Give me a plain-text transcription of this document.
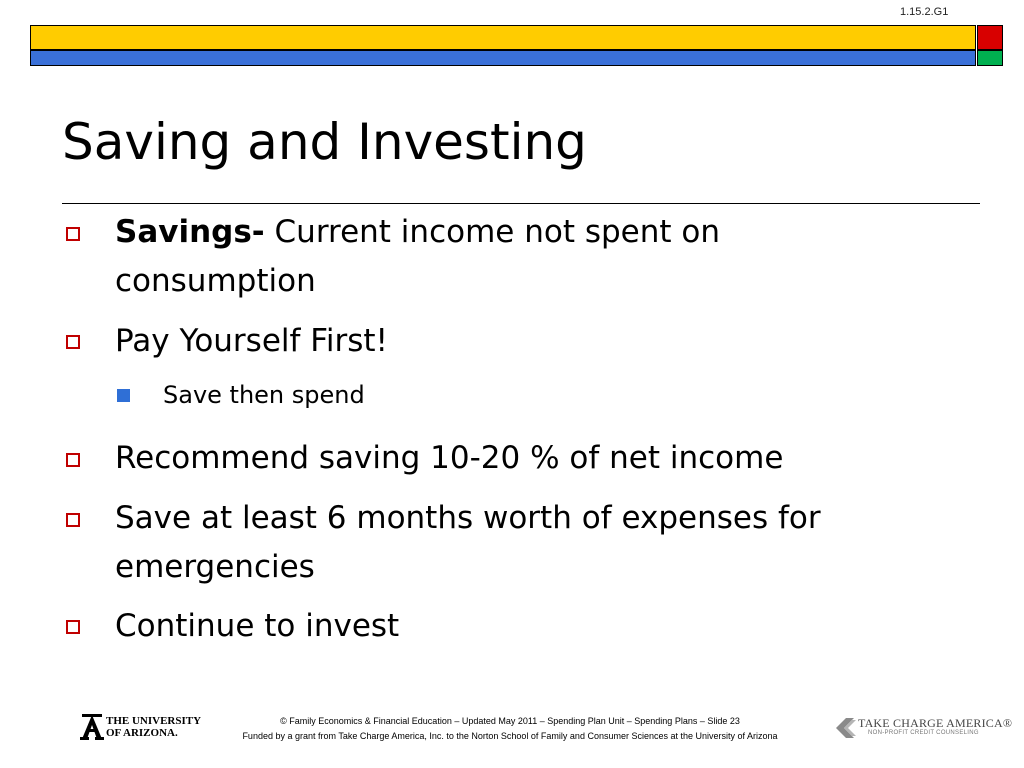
1.15.2.G1
Saving and Investing
Savings- Current income not spent on
consumption
Pay Yourself First!
Save then spend
Recommend saving 10-20 % of net income
Save at least 6 months worth of expenses for
emergencies
Continue to invest
THE UNIVERSITY
OF ARIZONA.
© Family Economics & Financial Education – Updated May 2011 – Spending Plan Unit – Spending Plans – Slide 23
Funded by a grant from Take Charge America, Inc. to the Norton School of Family and Consumer Sciences at the University of Arizona
TAKE CHARGE AMERICA®
NON-PROFIT CREDIT COUNSELING
